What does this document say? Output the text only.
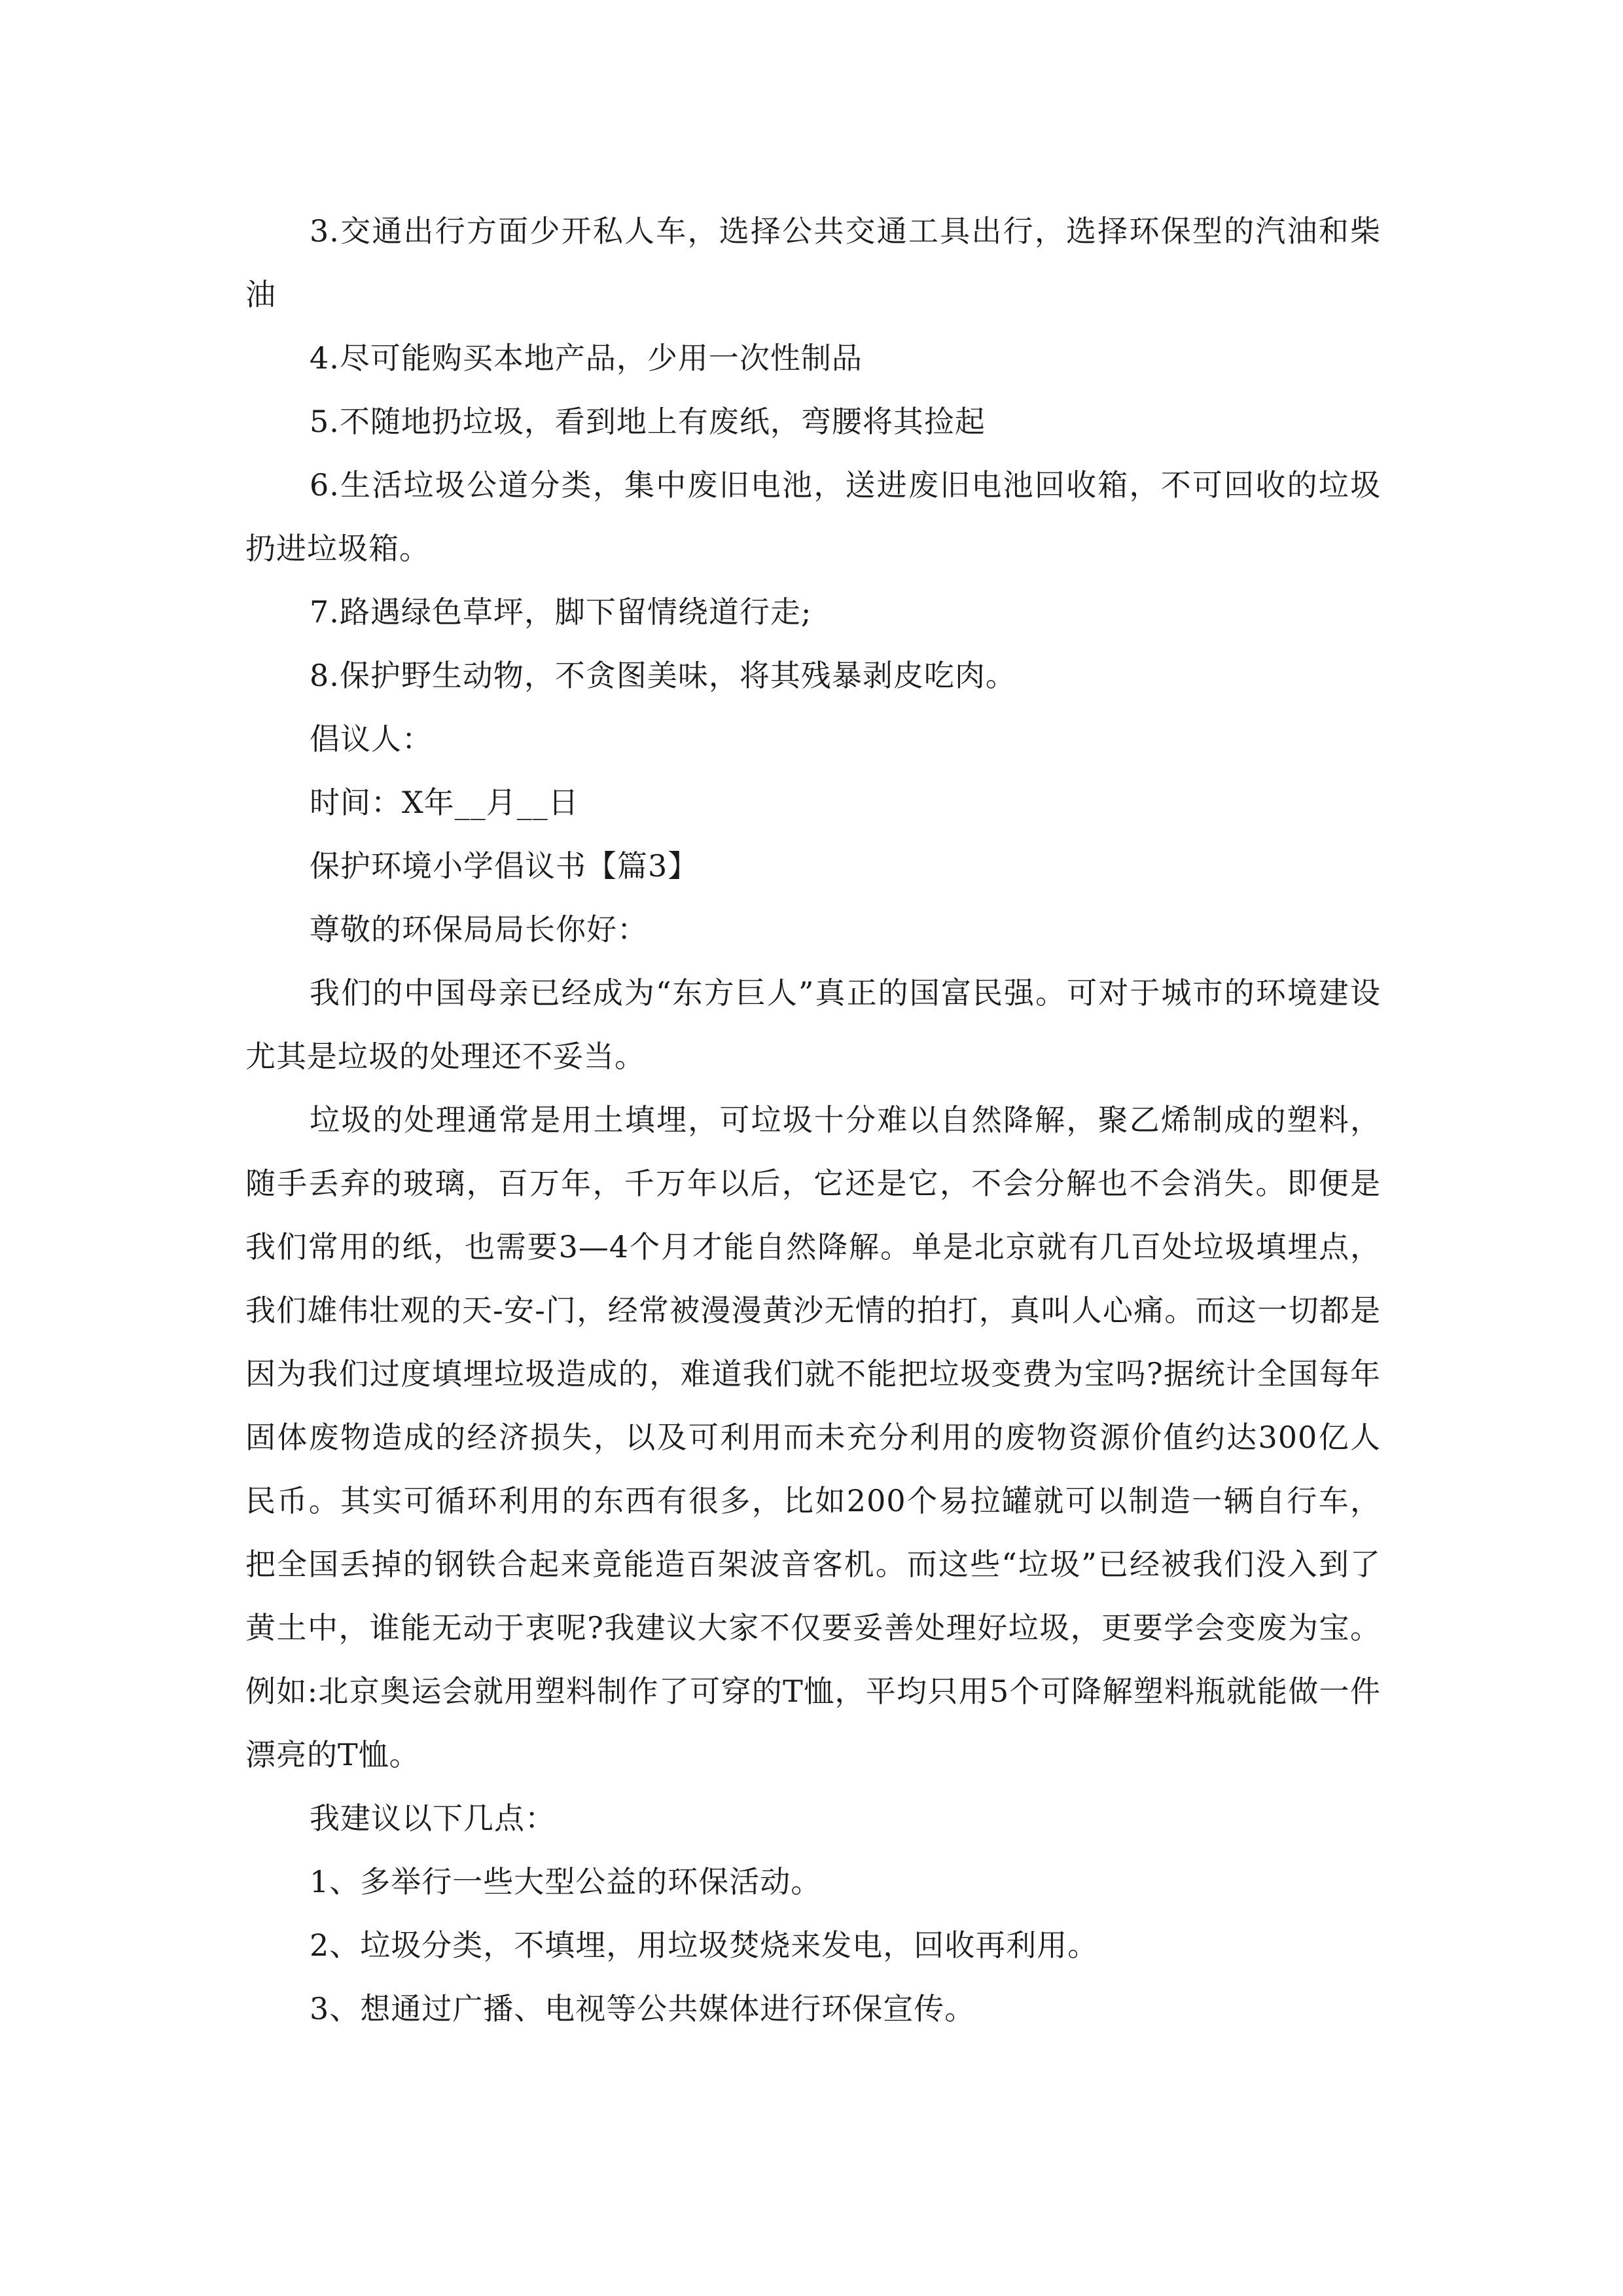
3.交通出行方面少开私人车，选择公共交通工具出行，选择环保型的汽油和柴油

4.尽可能购买本地产品，少用一次性制品

5.不随地扔垃圾，看到地上有废纸，弯腰将其捡起

6.生活垃圾公道分类，集中废旧电池，送进废旧电池回收箱，不可回收的垃圾扔进垃圾箱。

7.路遇绿色草坪，脚下留情绕道行走;

8.保护野生动物，不贪图美味，将其残暴剥皮吃肉。

倡议人：

时间：X年__月__日

保护环境小学倡议书【篇3】

尊敬的环保局局长你好：

我们的中国母亲已经成为“东方巨人”真正的国富民强。可对于城市的环境建设尤其是垃圾的处理还不妥当。

垃圾的处理通常是用土填埋，可垃圾十分难以自然降解，聚乙烯制成的塑料，随手丢弃的玻璃，百万年，千万年以后，它还是它，不会分解也不会消失。即便是我们常用的纸，也需要3—4个月才能自然降解。单是北京就有几百处垃圾填埋点，我们雄伟壮观的天-安-门，经常被漫漫黄沙无情的拍打，真叫人心痛。而这一切都是因为我们过度填埋垃圾造成的，难道我们就不能把垃圾变费为宝吗?据统计全国每年固体废物造成的经济损失，以及可利用而未充分利用的废物资源价值约达300亿人民币。其实可循环利用的东西有很多，比如200个易拉罐就可以制造一辆自行车，把全国丢掉的钢铁合起来竟能造百架波音客机。而这些“垃圾”已经被我们没入到了黄土中，谁能无动于衷呢?我建议大家不仅要妥善处理好垃圾，更要学会变废为宝。例如:北京奥运会就用塑料制作了可穿的T恤，平均只用5个可降解塑料瓶就能做一件漂亮的T恤。

我建议以下几点：

1、多举行一些大型公益的环保活动。

2、垃圾分类，不填埋，用垃圾焚烧来发电，回收再利用。

3、想通过广播、电视等公共媒体进行环保宣传。
